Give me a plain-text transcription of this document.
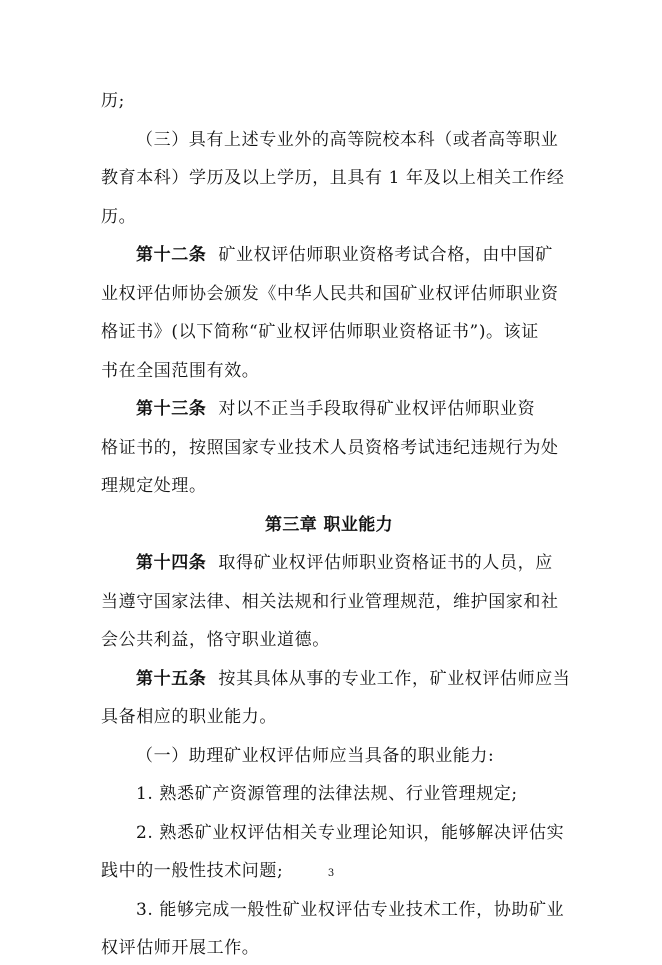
历;
（三）具有上述专业外的高等院校本科（或者高等职业
教育本科）学历及以上学历，且具有 1 年及以上相关工作经
历。
第十二条 矿业权评估师职业资格考试合格，由中国矿
业权评估师协会颁发《中华人民共和国矿业权评估师职业资
格证书》(以下简称“矿业权评估师职业资格证书”)。该证
书在全国范围有效。
第十三条 对以不正当手段取得矿业权评估师职业资
格证书的，按照国家专业技术人员资格考试违纪违规行为处
理规定处理。
第三章 职业能力
第十四条 取得矿业权评估师职业资格证书的人员，应
当遵守国家法律、相关法规和行业管理规范，维护国家和社
会公共利益，恪守职业道德。
第十五条 按其具体从事的专业工作，矿业权评估师应当
具备相应的职业能力。
（一）助理矿业权评估师应当具备的职业能力:
1. 熟悉矿产资源管理的法律法规、行业管理规定;
2. 熟悉矿业权评估相关专业理论知识，能够解决评估实
践中的一般性技术问题;
3. 能够完成一般性矿业权评估专业技术工作，协助矿业
权评估师开展工作。
3
